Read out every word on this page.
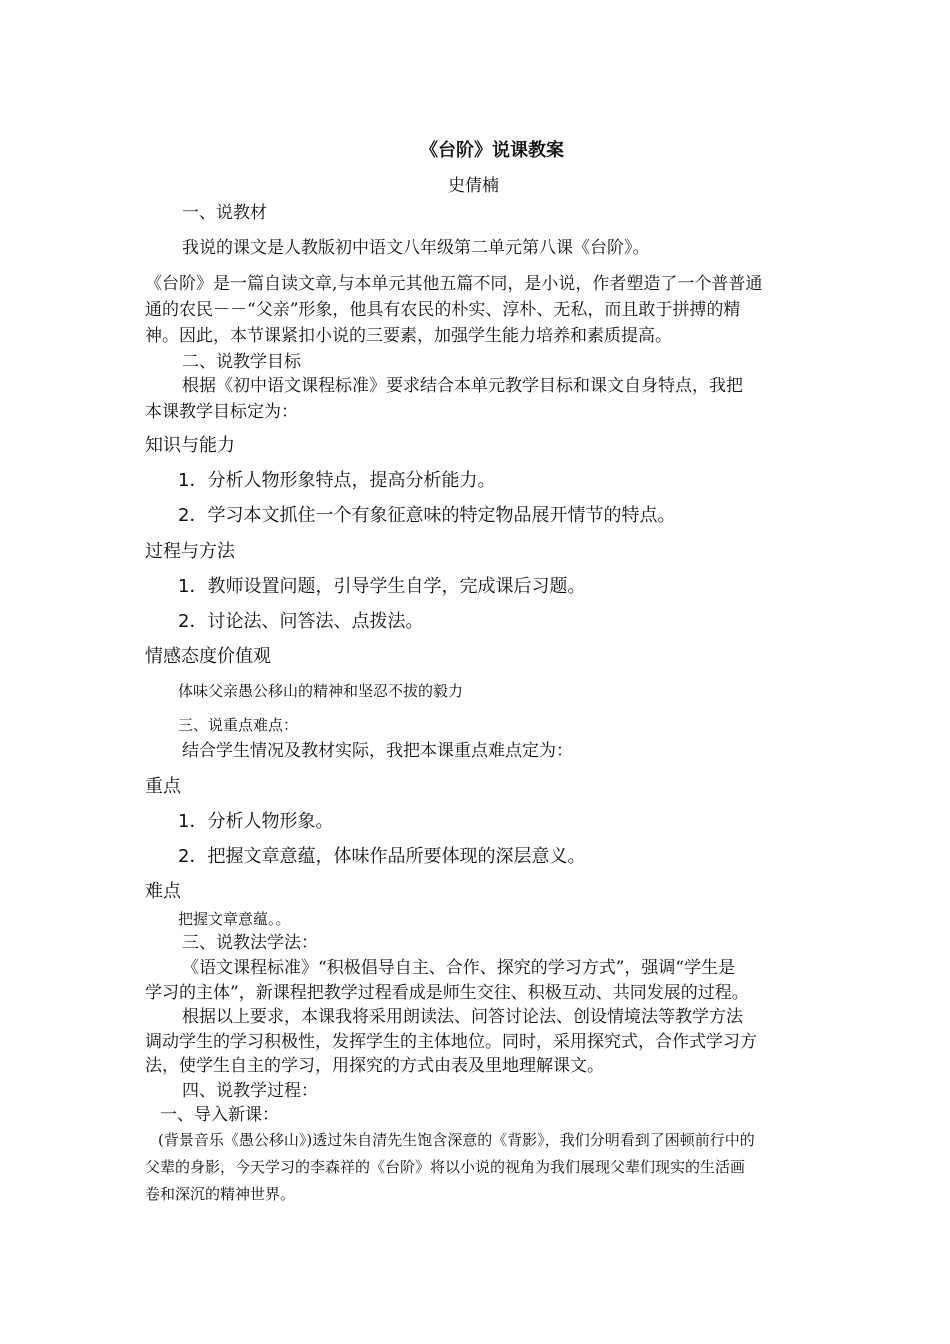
《台阶》说课教案
史倩楠
一、说教材
我说的课文是人教版初中语文八年级第二单元第八课《台阶》。
《台阶》是一篇自读文章,与本单元其他五篇不同，是小说，作者塑造了一个普普通
通的农民－－“父亲”形象，他具有农民的朴实、淳朴、无私，而且敢于拼搏的精
神。因此，本节课紧扣小说的三要素，加强学生能力培养和素质提高。
二、说教学目标
根据《初中语文课程标准》要求结合本单元教学目标和课文自身特点，我把
本课教学目标定为：
知识与能力
1．分析人物形象特点，提高分析能力。
2．学习本文抓住一个有象征意味的特定物品展开情节的特点。
过程与方法
1．教师设置问题，引导学生自学，完成课后习题。
2．讨论法、问答法、点拨法。
情感态度价值观
体味父亲愚公移山的精神和坚忍不拔的毅力
三、说重点难点：
结合学生情况及教材实际，我把本课重点难点定为：
重点
1．分析人物形象。
2．把握文章意蕴，体味作品所要体现的深层意义。
难点
把握文章意蕴。。
三、说教法学法：
《语文课程标准》“积极倡导自主、合作、探究的学习方式”，强调“学生是
学习的主体”，新课程把教学过程看成是师生交往、积极互动、共同发展的过程。
根据以上要求，本课我将采用朗读法、问答讨论法、创设情境法等教学方法
调动学生的学习积极性，发挥学生的主体地位。同时，采用探究式，合作式学习方
法，使学生自主的学习，用探究的方式由表及里地理解课文。
四、说教学过程：
一、导入新课：
(背景音乐《愚公移山》)透过朱自清先生饱含深意的《背影》，我们分明看到了困顿前行中的
父辈的身影，今天学习的李森祥的《台阶》将以小说的视角为我们展现父辈们现实的生活画
卷和深沉的精神世界。
